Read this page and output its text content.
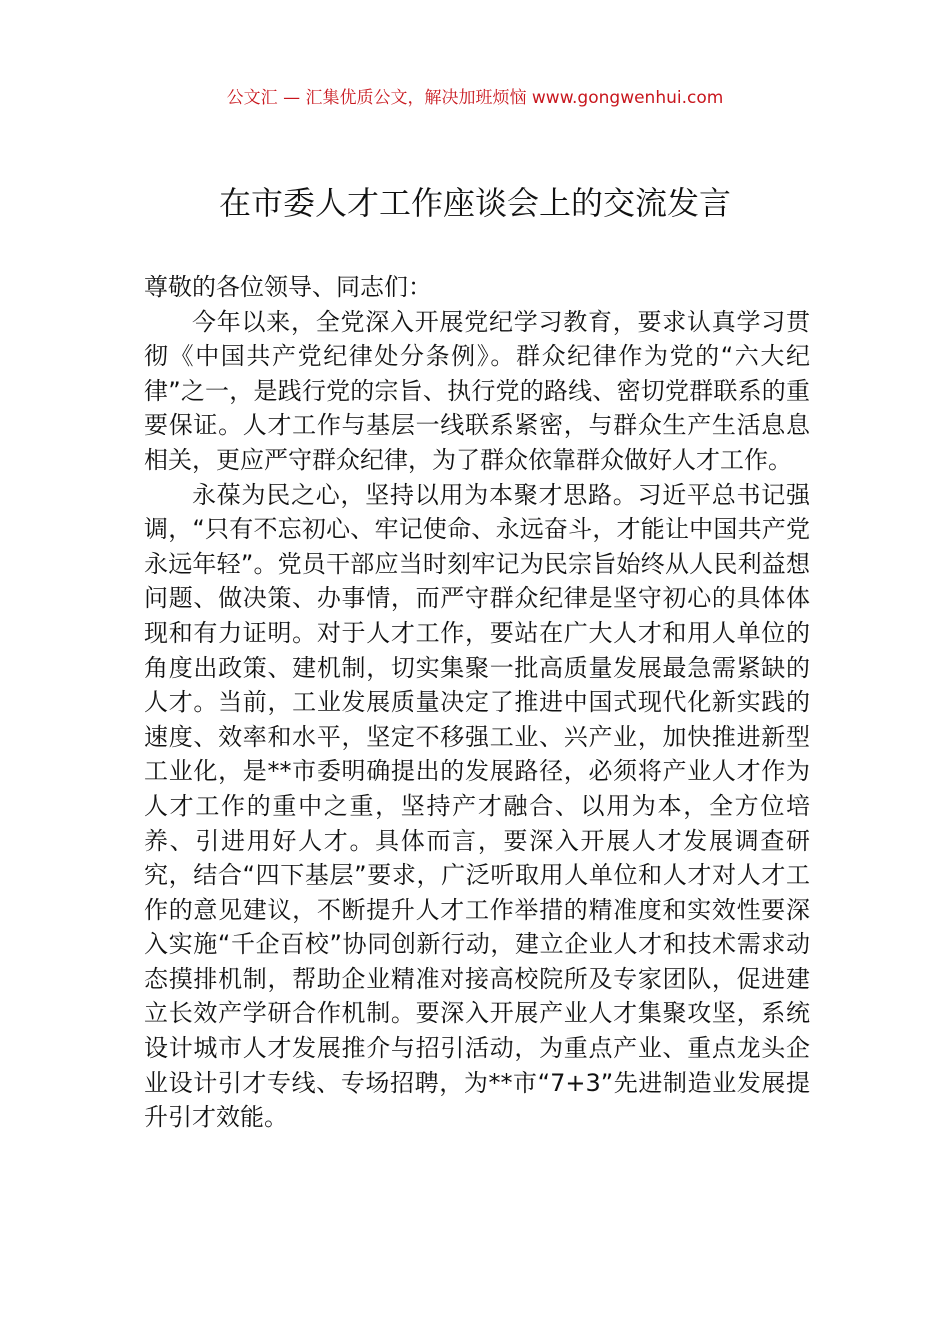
公文汇 — 汇集优质公文，解决加班烦恼 www.gongwenhui.com
在市委人才工作座谈会上的交流发言

尊敬的各位领导、同志们：

今年以来，全党深入开展党纪学习教育，要求认真学习贯彻《中国共产党纪律处分条例》。群众纪律作为党的“六大纪律”之一，是践行党的宗旨、执行党的路线、密切党群联系的重要保证。人才工作与基层一线联系紧密，与群众生产生活息息相关，更应严守群众纪律，为了群众依靠群众做好人才工作。

永葆为民之心，坚持以用为本聚才思路。习近平总书记强调，“只有不忘初心、牢记使命、永远奋斗，才能让中国共产党永远年轻”。党员干部应当时刻牢记为民宗旨始终从人民利益想问题、做决策、办事情，而严守群众纪律是坚守初心的具体体现和有力证明。对于人才工作，要站在广大人才和用人单位的角度出政策、建机制，切实集聚一批高质量发展最急需紧缺的人才。当前，工业发展质量决定了推进中国式现代化新实践的速度、效率和水平，坚定不移强工业、兴产业，加快推进新型工业化，是**市委明确提出的发展路径，必须将产业人才作为人才工作的重中之重，坚持产才融合、以用为本，全方位培养、引进用好人才。具体而言，要深入开展人才发展调查研究，结合“四下基层”要求，广泛听取用人单位和人才对人才工作的意见建议，不断提升人才工作举措的精准度和实效性要深入实施“千企百校”协同创新行动，建立企业人才和技术需求动态摸排机制，帮助企业精准对接高校院所及专家团队，促进建立长效产学研合作机制。要深入开展产业人才集聚攻坚，系统设计城市人才发展推介与招引活动，为重点产业、重点龙头企业设计引才专线、专场招聘，为**市“7+3”先进制造业发展提升引才效能。
